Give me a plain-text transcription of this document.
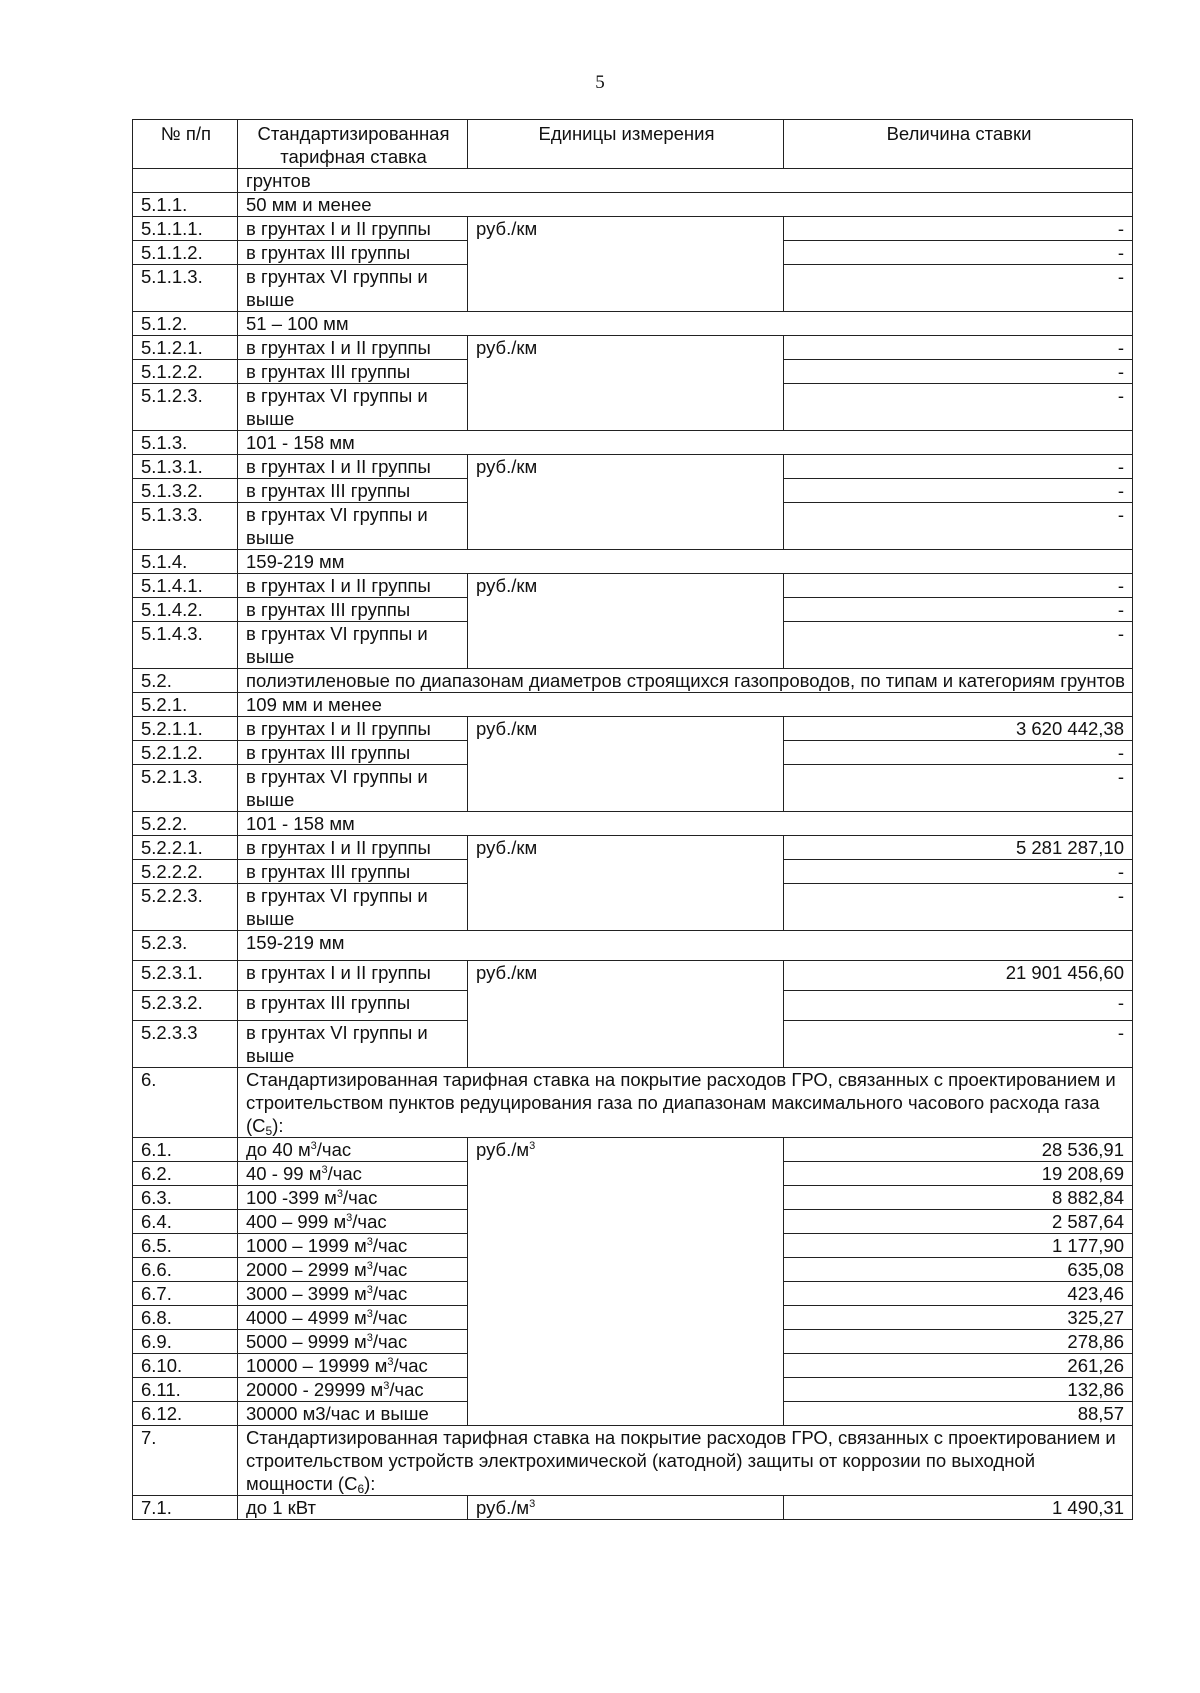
5
№ п/п	Стандартизированная тарифная ставка	Единицы измерения	Величина ставки
	грунтов		
5.1.1.	50 мм и менее		
5.1.1.1.	в грунтах I и II группы	руб./км	-
5.1.1.2.	в грунтах III группы		-
5.1.1.3.	в грунтах VI группы и выше		-
5.1.2.	51 – 100 мм		
5.1.2.1.	в грунтах I и II группы	руб./км	-
5.1.2.2.	в грунтах III группы		-
5.1.2.3.	в грунтах VI группы и выше		-
5.1.3.	101 - 158 мм		
5.1.3.1.	в грунтах I и II группы	руб./км	-
5.1.3.2.	в грунтах III группы		-
5.1.3.3.	в грунтах VI группы и выше		-
5.1.4.	159-219 мм		
5.1.4.1.	в грунтах I и II группы	руб./км	-
5.1.4.2.	в грунтах III группы		-
5.1.4.3.	в грунтах VI группы и выше		-
5.2.	полиэтиленовые по диапазонам диаметров строящихся газопроводов, по типам и категориям грунтов		
5.2.1.	109 мм и менее		
5.2.1.1.	в грунтах I и II группы	руб./км	3 620 442,38
5.2.1.2.	в грунтах III группы		-
5.2.1.3.	в грунтах VI группы и выше		-
5.2.2.	101 - 158 мм		
5.2.2.1.	в грунтах I и II группы	руб./км	5 281 287,10
5.2.2.2.	в грунтах III группы		-
5.2.2.3.	в грунтах VI группы и выше		-
5.2.3.	159-219 мм		
5.2.3.1.	в грунтах I и II группы	руб./км	21 901 456,60
5.2.3.2.	в грунтах III группы		-
5.2.3.3	в грунтах VI группы и выше		-
6.	Стандартизированная тарифная ставка на покрытие расходов ГРО, связанных с проектированием и строительством пунктов редуцирования газа по диапазонам максимального часового расхода газа $(C_5)$:		
6.1.	до 40 $м^3$/час	$руб./м^3$	28 536,91
6.2.	40 - 99 $м^3$/час		19 208,69
6.3.	100 -399 $м^3$/час		8 882,84
6.4.	400 – 999 $м^3$/час		2 587,64
6.5.	1000 – 1999 $м^3$/час		1 177,90
6.6.	2000 – 2999 $м^3$/час		635,08
6.7.	3000 – 3999 $м^3$/час		423,46
6.8.	4000 – 4999 $м^3$/час		325,27
6.9.	5000 – 9999 $м^3$/час		278,86
6.10.	10000 – 19999 $м^3$/час		261,26
6.11.	20000 - 29999 $м^3$/час		132,86
6.12.	30000 м3/час и выше		88,57
7.	Стандартизированная тарифная ставка на покрытие расходов ГРО, связанных с проектированием и строительством устройств электрохимической (катодной) защиты от коррозии по выходной мощности $(C_6)$:		
7.1.	до 1 кВт	$руб./м^3$	1 490,31
